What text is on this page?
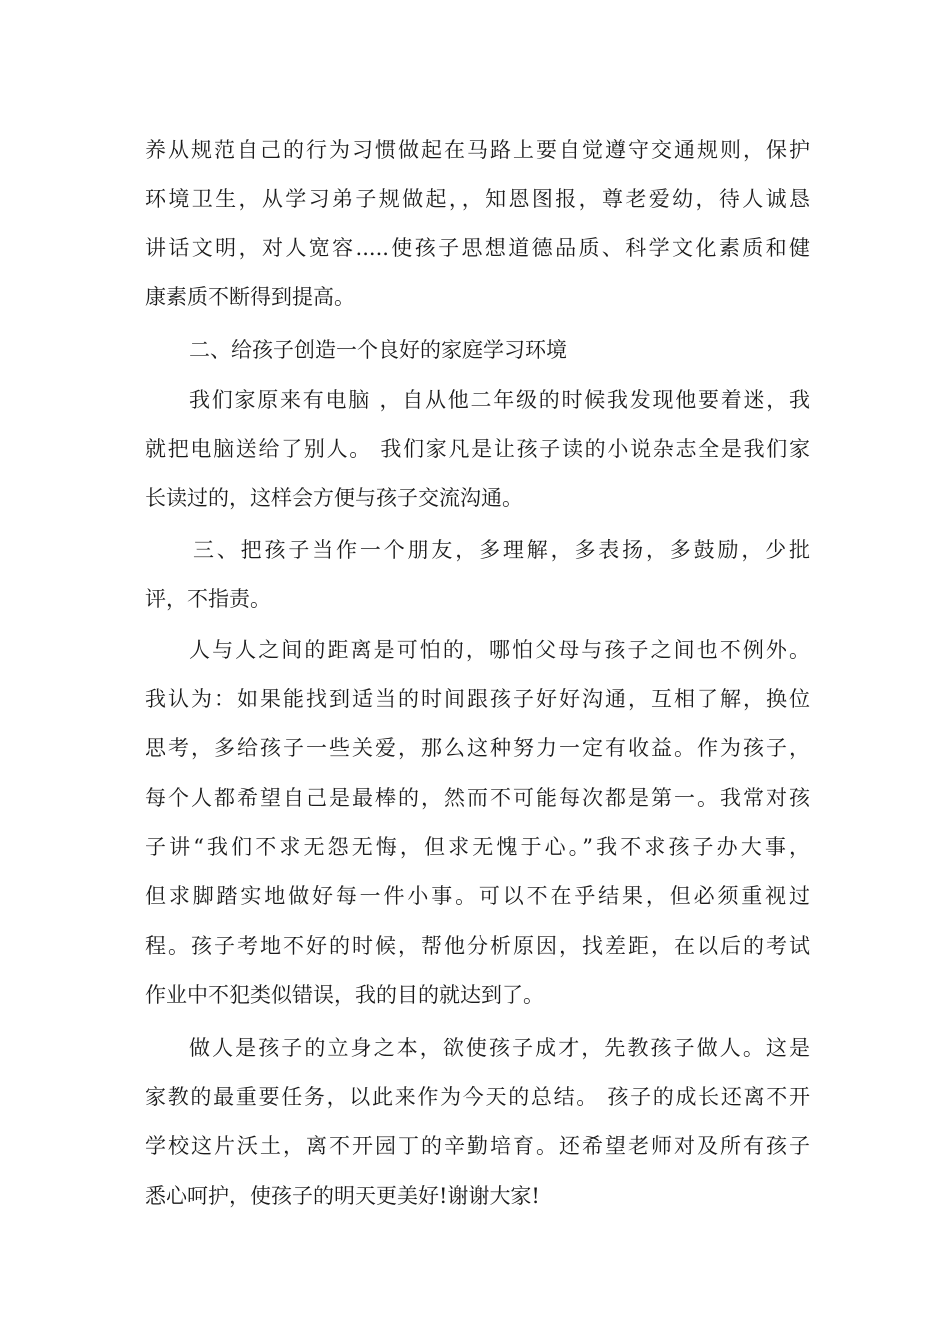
养从规范自己的行为习惯做起在马路上要自觉遵守交通规则，保护
环境卫生，从学习弟子规做起，，知恩图报，尊老爱幼，待人诚恳
讲话文明，对人宽容.....使孩子思想道德品质、科学文化素质和健
康素质不断得到提高。
二、给孩子创造一个良好的家庭学习环境
我们家原来有电脑 ，自从他二年级的时候我发现他要着迷，我
就把电脑送给了别人。 我们家凡是让孩子读的小说杂志全是我们家
长读过的，这样会方便与孩子交流沟通。
三、把孩子当作一个朋友，多理解，多表扬，多鼓励，少批
评，不指责。
人与人之间的距离是可怕的，哪怕父母与孩子之间也不例外。
我认为：如果能找到适当的时间跟孩子好好沟通，互相了解，换位
思考，多给孩子一些关爱，那么这种努力一定有收益。作为孩子，
每个人都希望自己是最棒的，然而不可能每次都是第一。我常对孩
子讲“我们不求无怨无悔，但求无愧于心。”我不求孩子办大事，
但求脚踏实地做好每一件小事。可以不在乎结果，但必须重视过
程。孩子考地不好的时候，帮他分析原因，找差距，在以后的考试
作业中不犯类似错误，我的目的就达到了。
做人是孩子的立身之本，欲使孩子成才，先教孩子做人。这是
家教的最重要任务，以此来作为今天的总结。 孩子的成长还离不开
学校这片沃土，离不开园丁的辛勤培育。还希望老师对及所有孩子
悉心呵护，使孩子的明天更美好!谢谢大家!
